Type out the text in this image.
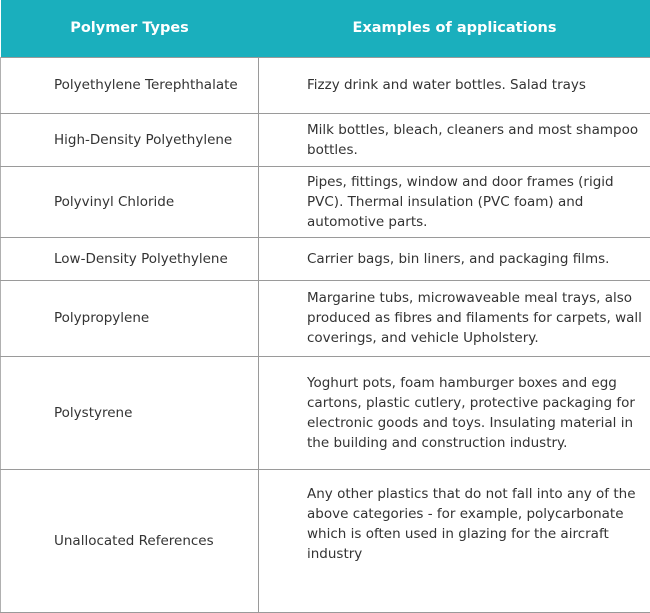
Polymer Types	Examples of applications
Polyethylene Terephthalate	Fizzy drink and water bottles. Salad trays
High-Density Polyethylene	Milk bottles, bleach, cleaners and most shampoo bottles.
Polyvinyl Chloride	Pipes, fittings, window and door frames (rigid PVC). Thermal insulation (PVC foam) and automotive parts.
Low-Density Polyethylene	Carrier bags, bin liners, and packaging films.
Polypropylene	Margarine tubs, microwaveable meal trays, also produced as fibres and filaments for carpets, wall coverings, and vehicle Upholstery.
Polystyrene	Yoghurt pots, foam hamburger boxes and egg cartons, plastic cutlery, protective packaging for electronic goods and toys. Insulating material in the building and construction industry.
Unallocated References	Any other plastics that do not fall into any of the above categories - for example, polycarbonate which is often used in glazing for the aircraft industry
